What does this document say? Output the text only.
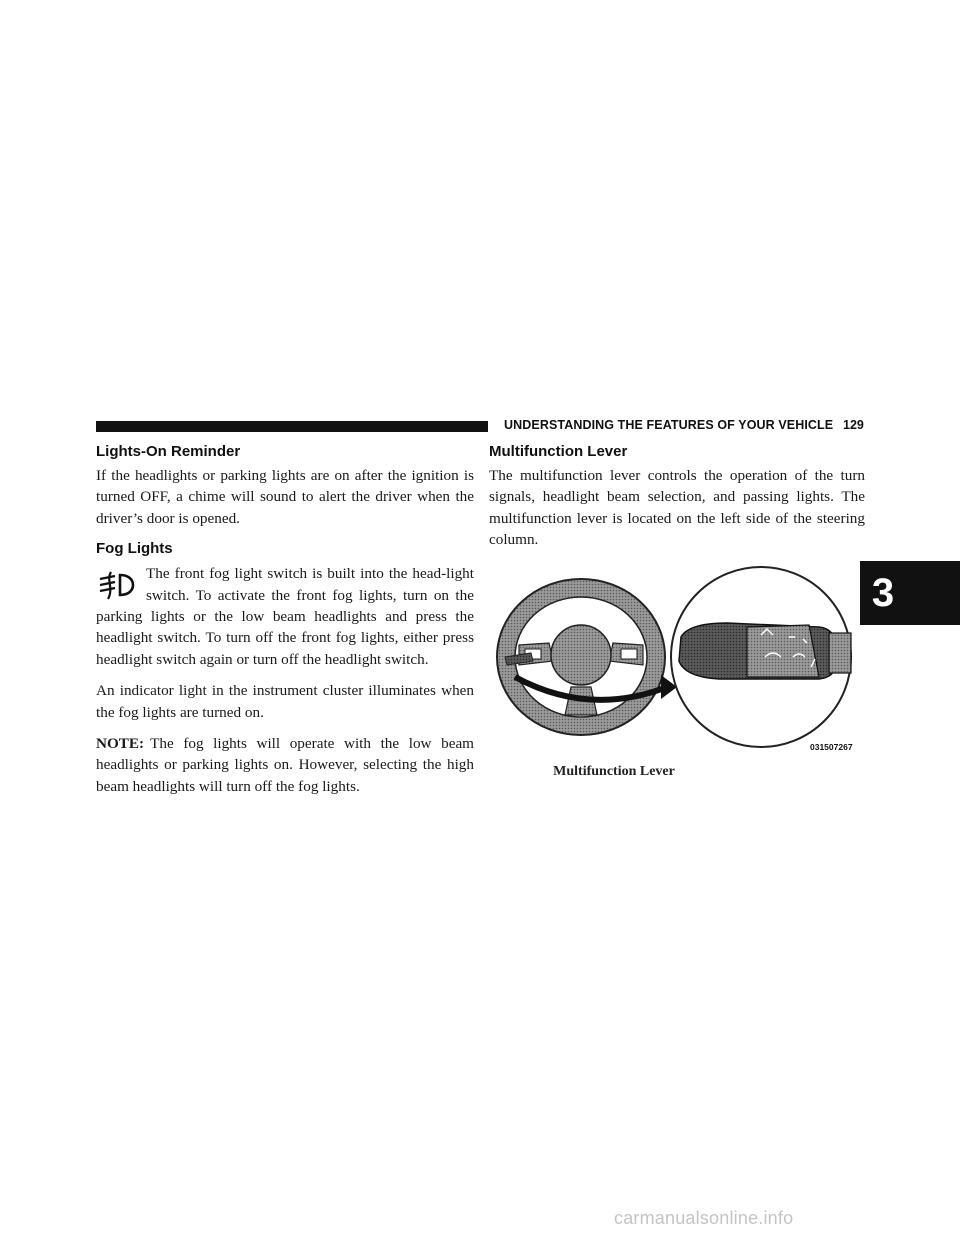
UNDERSTANDING THE FEATURES OF YOUR VEHICLE 129
3
Lights-On Reminder

If the headlights or parking lights are on after the ignition is turned OFF, a chime will sound to alert the driver when the driver’s door is opened.

Fog Lights

The front fog light switch is built into the head-light switch. To activate the front fog lights, turn on the parking lights or the low beam headlights and press the headlight switch. To turn off the front fog lights, either press headlight switch again or turn off the headlight switch.

An indicator light in the instrument cluster illuminates when the fog lights are turned on.

NOTE: The fog lights will operate with the low beam headlights or parking lights on. However, selecting the high beam headlights will turn off the fog lights.

Multifunction Lever

The multifunction lever controls the operation of the turn signals, headlight beam selection, and passing lights. The multifunction lever is located on the left side of the steering column.

031507267
Multifunction Lever
carmanualsonline.info
